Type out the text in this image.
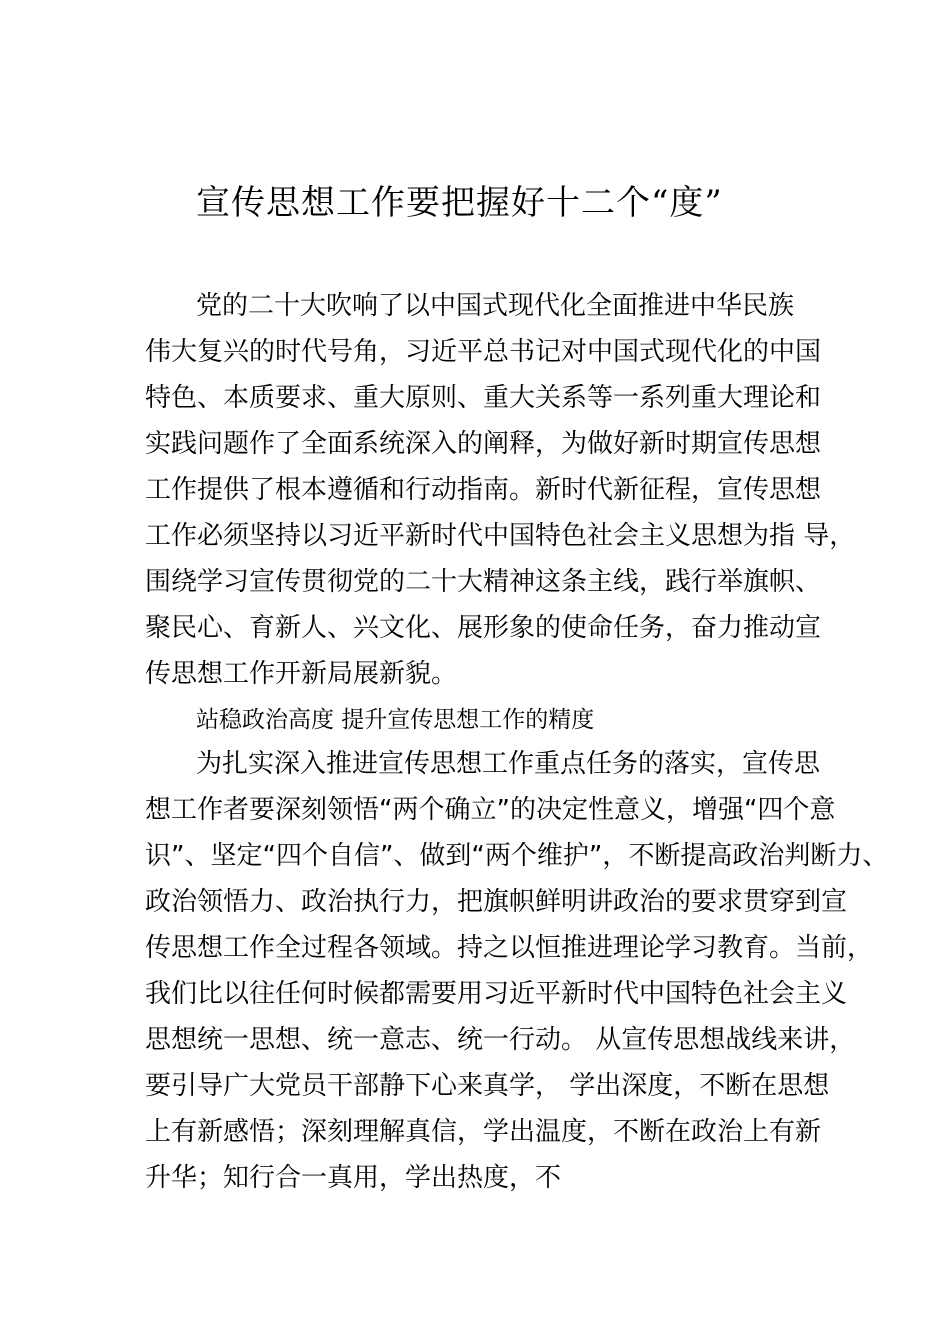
宣传思想工作要把握好十二个“度”

党的二十大吹响了以中国式现代化全面推进中华民族

伟大复兴的时代号角，习近平总书记对中国式现代化的中国

特色、本质要求、重大原则、重大关系等一系列重大理论和

实践问题作了全面系统深入的阐释，为做好新时期宣传思想

工作提供了根本遵循和行动指南。新时代新征程，宣传思想

工作必须坚持以习近平新时代中国特色社会主义思想为指 导，

围绕学习宣传贯彻党的二十大精神这条主线，践行举旗帜、

聚民心、育新人、兴文化、展形象的使命任务，奋力推动宣

传思想工作开新局展新貌。

站稳政治高度 提升宣传思想工作的精度

为扎实深入推进宣传思想工作重点任务的落实，宣传思

想工作者要深刻领悟“两个确立”的决定性意义，增强“四个意

识”、坚定“四个自信”、做到“两个维护”，不断提高政治判断力、

政治领悟力、政治执行力，把旗帜鲜明讲政治的要求贯穿到宣

传思想工作全过程各领域。持之以恒推进理论学习教育。当前，

我们比以往任何时候都需要用习近平新时代中国特色社会主义

思想统一思想、统一意志、统一行动。 从宣传思想战线来讲，

要引导广大党员干部静下心来真学， 学出深度，不断在思想

上有新感悟；深刻理解真信，学出温度，不断在政治上有新

升华；知行合一真用，学出热度，不
